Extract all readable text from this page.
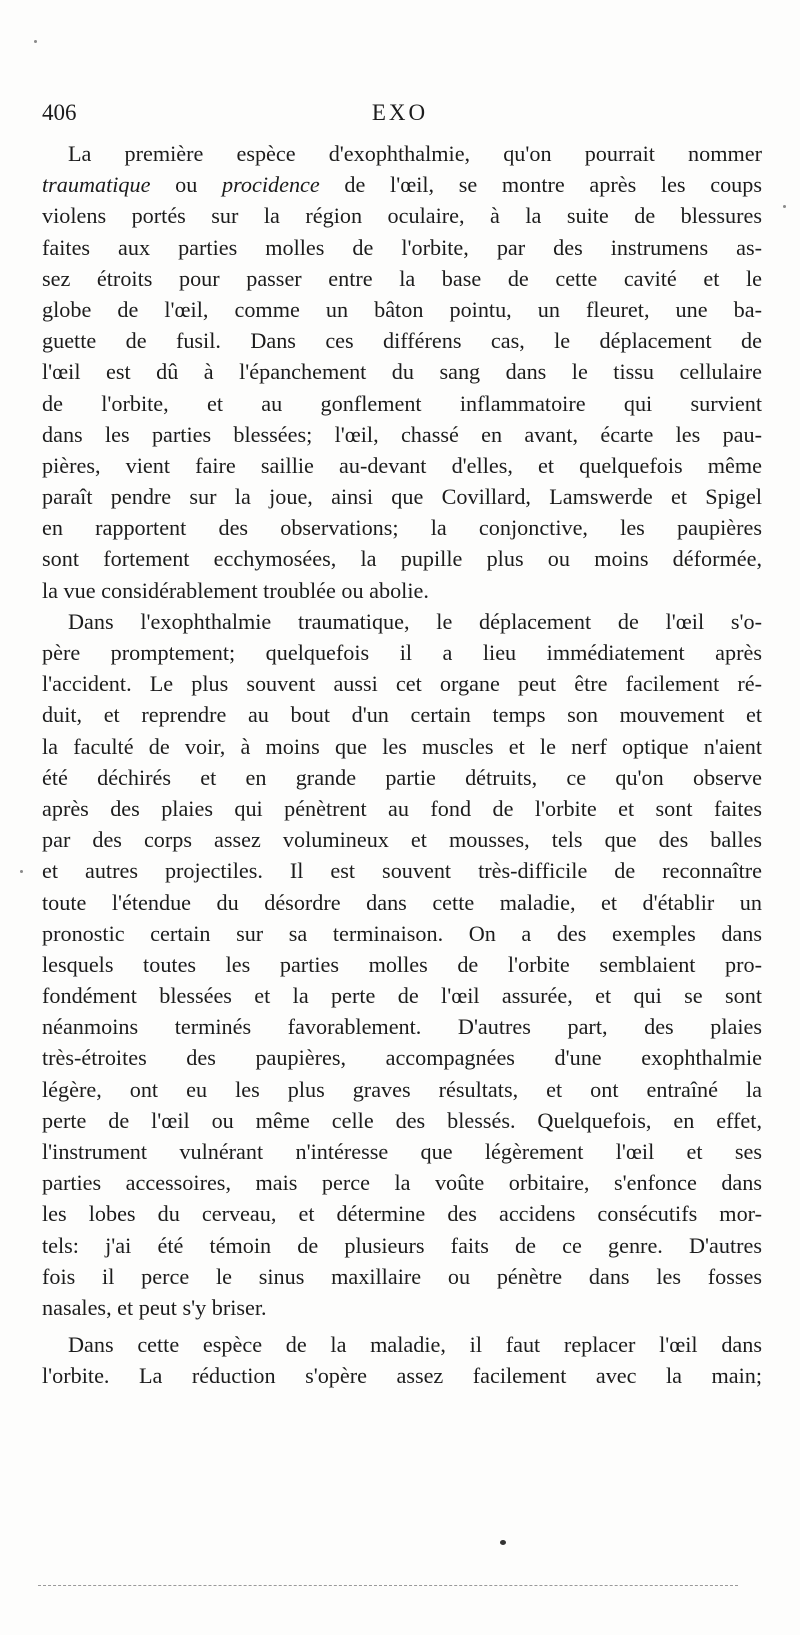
406	EXO

La première espèce d'exophthalmie, qu'on pourrait nommer
traumatique ou procidence de l'œil, se montre après les coups
violens portés sur la région oculaire, à la suite de blessures
faites aux parties molles de l'orbite, par des instrumens as-
sez étroits pour passer entre la base de cette cavité et le
globe de l'œil, comme un bâton pointu, un fleuret, une ba-
guette de fusil. Dans ces différens cas, le déplacement de
l'œil est dû à l'épanchement du sang dans le tissu cellulaire
de l'orbite, et au gonflement inflammatoire qui survient
dans les parties blessées; l'œil, chassé en avant, écarte les pau-
pières, vient faire saillie au-devant d'elles, et quelquefois même
paraît pendre sur la joue, ainsi que Covillard, Lamswerde et Spigel
en rapportent des observations; la conjonctive, les paupières
sont fortement ecchymosées, la pupille plus ou moins déformée,
la vue considérablement troublée ou abolie.

Dans l'exophthalmie traumatique, le déplacement de l'œil s'o-
père promptement; quelquefois il a lieu immédiatement après
l'accident. Le plus souvent aussi cet organe peut être facilement ré-
duit, et reprendre au bout d'un certain temps son mouvement et
la faculté de voir, à moins que les muscles et le nerf optique n'aient
été déchirés et en grande partie détruits, ce qu'on observe
après des plaies qui pénètrent au fond de l'orbite et sont faites
par des corps assez volumineux et mousses, tels que des balles
et autres projectiles. Il est souvent très-difficile de reconnaître
toute l'étendue du désordre dans cette maladie, et d'établir un
pronostic certain sur sa terminaison. On a des exemples dans
lesquels toutes les parties molles de l'orbite semblaient pro-
fondément blessées et la perte de l'œil assurée, et qui se sont
néanmoins terminés favorablement. D'autres part, des plaies
très-étroites des paupières, accompagnées d'une exophthalmie
légère, ont eu les plus graves résultats, et ont entraîné la
perte de l'œil ou même celle des blessés. Quelquefois, en effet,
l'instrument vulnérant n'intéresse que légèrement l'œil et ses
parties accessoires, mais perce la voûte orbitaire, s'enfonce dans
les lobes du cerveau, et détermine des accidens consécutifs mor-
tels: j'ai été témoin de plusieurs faits de ce genre. D'autres
fois il perce le sinus maxillaire ou pénètre dans les fosses
nasales, et peut s'y briser.

Dans cette espèce de la maladie, il faut replacer l'œil dans
l'orbite. La réduction s'opère assez facilement avec la main;
